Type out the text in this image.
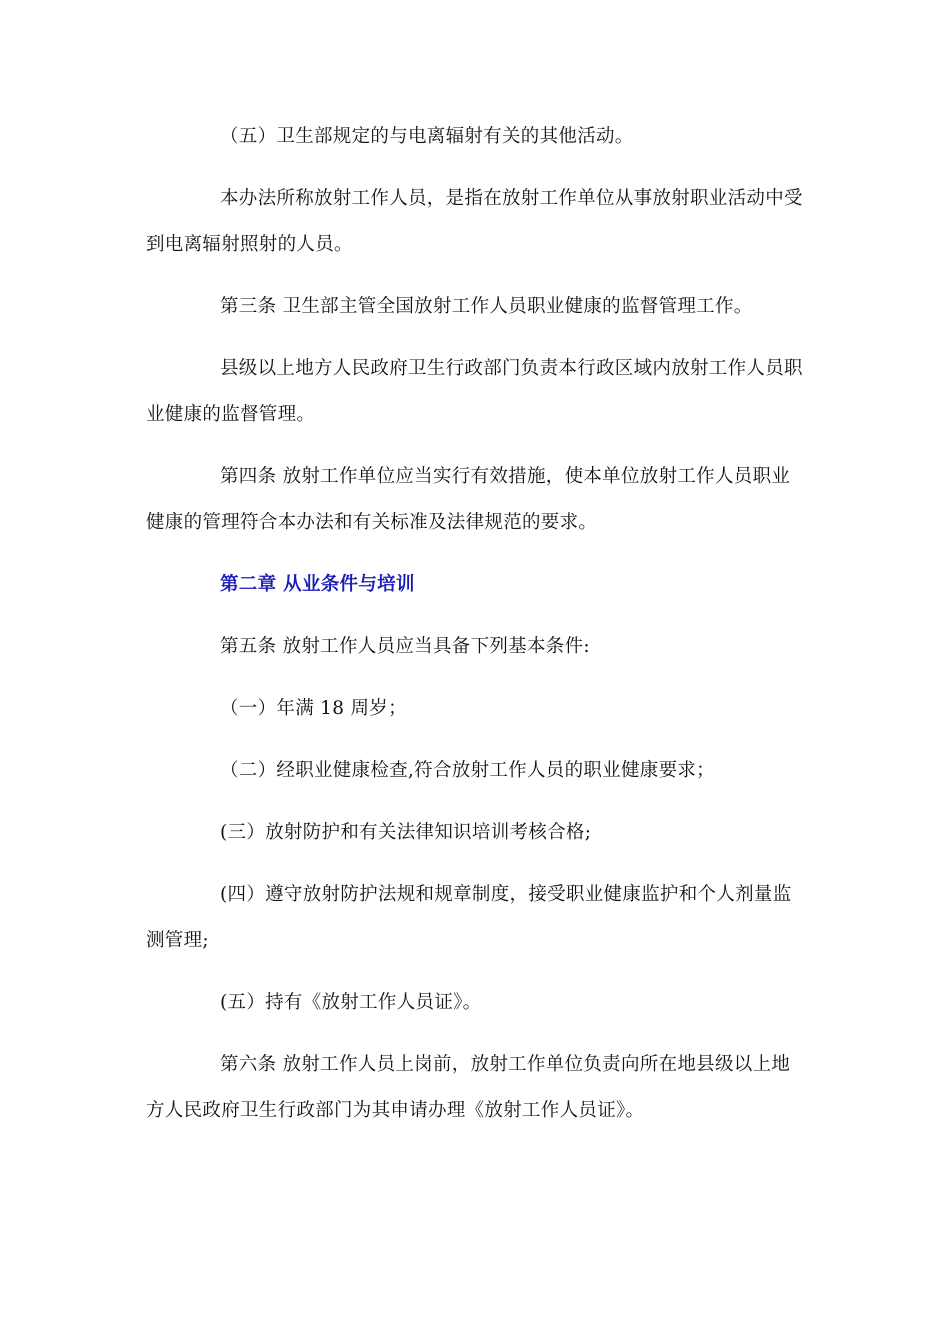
（五）卫生部规定的与电离辐射有关的其他活动。

本办法所称放射工作人员，是指在放射工作单位从事放射职业活动中受到电离辐射照射的人员。

第三条 卫生部主管全国放射工作人员职业健康的监督管理工作。

县级以上地方人民政府卫生行政部门负责本行政区域内放射工作人员职业健康的监督管理。

第四条 放射工作单位应当实行有效措施，使本单位放射工作人员职业健康的管理符合本办法和有关标准及法律规范的要求。

第二章 从业条件与培训

第五条 放射工作人员应当具备下列基本条件:

（一）年满 18 周岁；

（二）经职业健康检查,符合放射工作人员的职业健康要求；

(三）放射防护和有关法律知识培训考核合格;

(四）遵守放射防护法规和规章制度，接受职业健康监护和个人剂量监测管理;

(五）持有《放射工作人员证》。

第六条 放射工作人员上岗前，放射工作单位负责向所在地县级以上地方人民政府卫生行政部门为其申请办理《放射工作人员证》。
